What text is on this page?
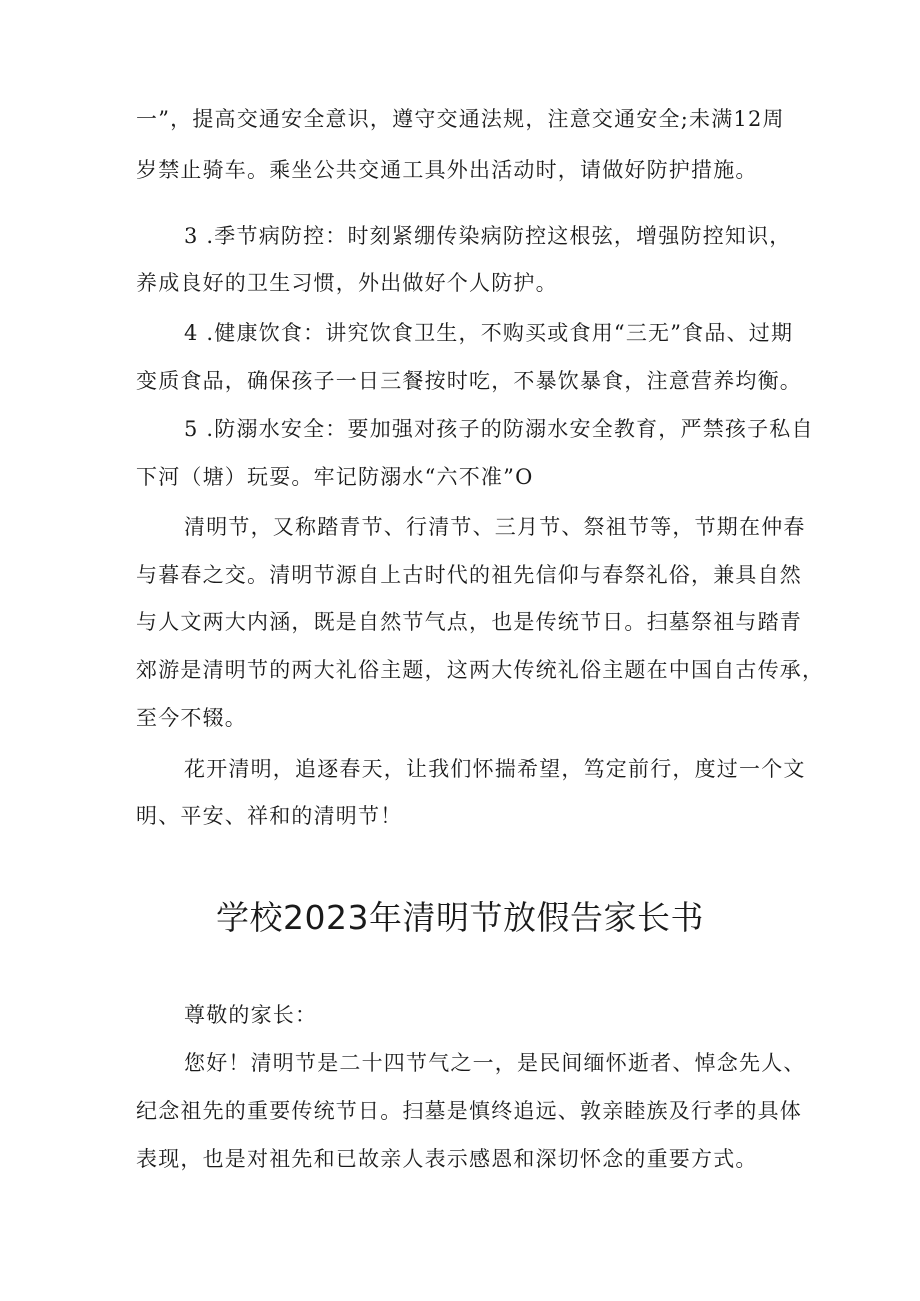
一”，提高交通安全意识，遵守交通法规，注意交通安全;未满12周
岁禁止骑车。乘坐公共交通工具外出活动时，请做好防护措施。
3 .季节病防控：时刻紧绷传染病防控这根弦，增强防控知识，
养成良好的卫生习惯，外出做好个人防护。
4 .健康饮食：讲究饮食卫生，不购买或食用“三无”食品、过期
变质食品，确保孩子一日三餐按时吃，不暴饮暴食，注意营养均衡。
5 .防溺水安全：要加强对孩子的防溺水安全教育，严禁孩子私自
下河（塘）玩耍。牢记防溺水“六不准”O
清明节，又称踏青节、行清节、三月节、祭祖节等，节期在仲春
与暮春之交。清明节源自上古时代的祖先信仰与春祭礼俗，兼具自然
与人文两大内涵，既是自然节气点，也是传统节日。扫墓祭祖与踏青
郊游是清明节的两大礼俗主题，这两大传统礼俗主题在中国自古传承，
至今不辍。
花开清明，追逐春天，让我们怀揣希望，笃定前行，度过一个文
明、平安、祥和的清明节！
学校2023年清明节放假告家长书
尊敬的家长：
您好！清明节是二十四节气之一，是民间缅怀逝者、悼念先人、
纪念祖先的重要传统节日。扫墓是慎终追远、敦亲睦族及行孝的具体
表现，也是对祖先和已故亲人表示感恩和深切怀念的重要方式。
